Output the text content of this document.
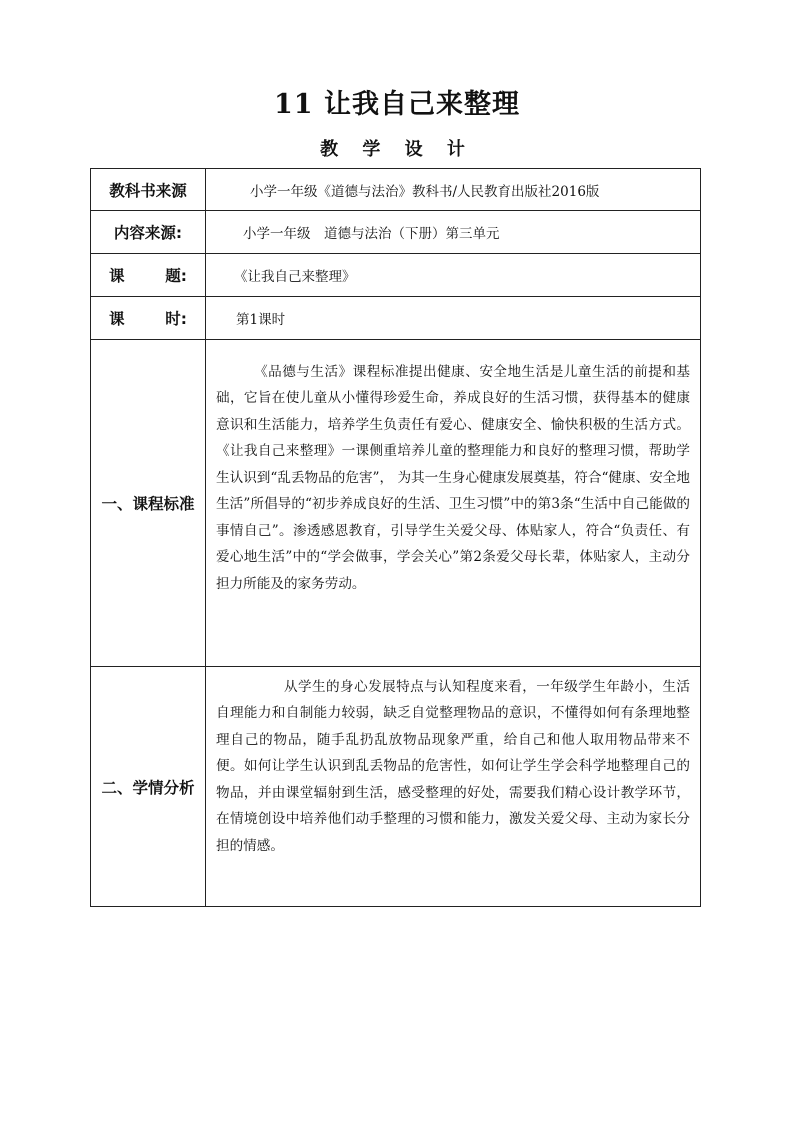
11 让我自己来整理
教 学 设 计
教科书来源	小学一年级《道德与法治》教科书/人民教育出版社2016版
内容来源:	小学一年级　道德与法治（下册）第三单元

课 题:	《让我自己来整理》

课 时:	第1课时
一、课程标准	《品德与生活》课程标准提出健康、安全地生活是儿童生活的前提和基础，它旨在使儿童从小懂得珍爱生命，养成良好的生活习惯，获得基本的健康意识和生活能力，培养学生负责任有爱心、健康安全、愉快积极的生活方式。《让我自己来整理》一课侧重培养儿童的整理能力和良好的整理习惯，帮助学生认识到“乱丢物品的危害”， 为其一生身心健康发展奠基，符合“健康、安全地生活”所倡导的“初步养成良好的生活、卫生习惯”中的第3条“生活中自己能做的事情自己”。渗透感恩教育，引导学生关爱父母、体贴家人，符合“负责任、有爱心地生活”中的“学会做事，学会关心”第2条爱父母长辈，体贴家人，主动分担力所能及的家务劳动。

二、学情分析	从学生的身心发展特点与认知程度来看，一年级学生年龄小，生活自理能力和自制能力较弱，缺乏自觉整理物品的意识，不懂得如何有条理地整理自己的物品，随手乱扔乱放物品现象严重，给自己和他人取用物品带来不便。如何让学生认识到乱丢物品的危害性，如何让学生学会科学地整理自己的物品，并由课堂辐射到生活，感受整理的好处，需要我们精心设计教学环节，在情境创设中培养他们动手整理的习惯和能力，激发关爱父母、主动为家长分担的情感。
